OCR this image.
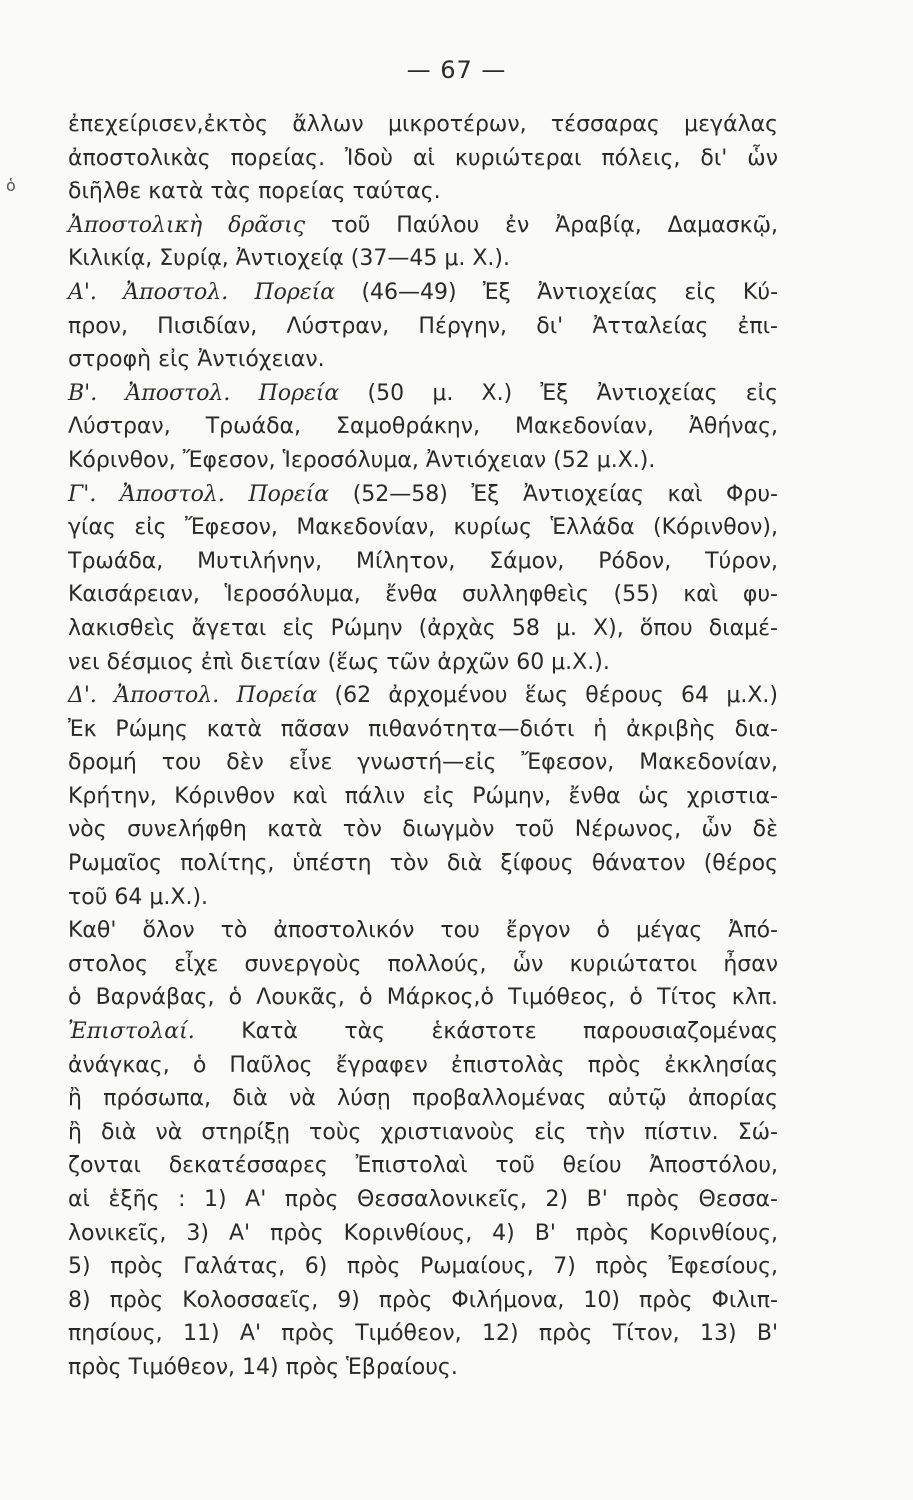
— 67 —
ὁ
ἐπεχείρισεν,ἐκτὸς ἄλλων μικροτέρων, τέσσαρας μεγάλας
ἀποστολικὰς πορείας. Ἰδοὺ αἱ κυριώτεραι πόλεις, δι' ὧν
διῆλθε κατὰ τὰς πορείας ταύτας.
Ἀποστολικὴ δρᾶσις τοῦ Παύλου ἐν Ἀραβίᾳ, Δαμασκῷ,
Κιλικίᾳ, Συρίᾳ, Ἀντιοχείᾳ (37—45 μ. Χ.).
Α'. Ἀποστολ. Πορεία (46—49) Ἐξ Ἀντιοχείας εἰς Κύ-
προν, Πισιδίαν, Λύστραν, Πέργην, δι' Ἀτταλείας ἐπι-
στροφὴ εἰς Ἀντιόχειαν.
Β'. Ἀποστολ. Πορεία (50 μ. Χ.) Ἐξ Ἀντιοχείας εἰς
Λύστραν, Τρωάδα, Σαμοθράκην, Μακεδονίαν, Ἀθήνας,
Κόρινθον, Ἔφεσον, Ἱεροσόλυμα, Ἀντιόχειαν (52 μ.Χ.).
Γ'. Ἀποστολ. Πορεία (52—58) Ἐξ Ἀντιοχείας καὶ Φρυ-
γίας εἰς Ἔφεσον, Μακεδονίαν, κυρίως Ἑλλάδα (Κόρινθον),
Τρωάδα, Μυτιλήνην, Μίλητον, Σάμον, Ρόδον, Τύρον,
Καισάρειαν, Ἱεροσόλυμα, ἔνθα συλληφθεὶς (55) καὶ φυ-
λακισθεὶς ἄγεται εἰς Ρώμην (ἀρχὰς 58 μ. Χ), ὅπου διαμέ-
νει δέσμιος ἐπὶ διετίαν (ἕως τῶν ἀρχῶν 60 μ.Χ.).
Δ'. Ἀποστολ. Πορεία (62 ἀρχομένου ἕως θέρους 64 μ.Χ.)
Ἐκ Ρώμης κατὰ πᾶσαν πιθανότητα—διότι ἡ ἀκριβὴς δια-
δρομή του δὲν εἶνε γνωστή—εἰς Ἔφεσον, Μακεδονίαν,
Κρήτην, Κόρινθον καὶ πάλιν εἰς Ρώμην, ἔνθα ὡς χριστια-
νὸς συνελήφθη κατὰ τὸν διωγμὸν τοῦ Νέρωνος, ὧν δὲ
Ρωμαῖος πολίτης, ὑπέστη τὸν διὰ ξίφους θάνατον (θέρος
τοῦ 64 μ.Χ.).
Καθ' ὅλον τὸ ἀποστολικόν του ἔργον ὁ μέγας Ἀπό-
στολος εἶχε συνεργοὺς πολλούς, ὧν κυριώτατοι ἦσαν
ὁ Βαρνάβας, ὁ Λουκᾶς, ὁ Μάρκος,ὁ Τιμόθεος, ὁ Τίτος κλπ.
Ἐπιστολαί. Κατὰ τὰς ἑκάστοτε παρουσιαζομένας
ἀνάγκας, ὁ Παῦλος ἔγραφεν ἐπιστολὰς πρὸς ἐκκλησίας
ἢ πρόσωπα, διὰ νὰ λύσῃ προβαλλομένας αὐτῷ ἀπορίας
ἢ διὰ νὰ στηρίξῃ τοὺς χριστιανοὺς εἰς τὴν πίστιν. Σώ-
ζονται δεκατέσσαρες Ἐπιστολαὶ τοῦ θείου Ἀποστόλου,
αἱ ἑξῆς : 1) Α' πρὸς Θεσσαλονικεῖς, 2) Β' πρὸς Θεσσα-
λονικεῖς, 3) Α' πρὸς Κορινθίους, 4) Β' πρὸς Κορινθίους,
5) πρὸς Γαλάτας, 6) πρὸς Ρωμαίους, 7) πρὸς Ἐφεσίους,
8) πρὸς Κολοσσαεῖς, 9) πρὸς Φιλήμονα, 10) πρὸς Φιλιπ-
πησίους, 11) Α' πρὸς Τιμόθεον, 12) πρὸς Τίτον, 13) Β'
πρὸς Τιμόθεον, 14) πρὸς Ἑβραίους.
